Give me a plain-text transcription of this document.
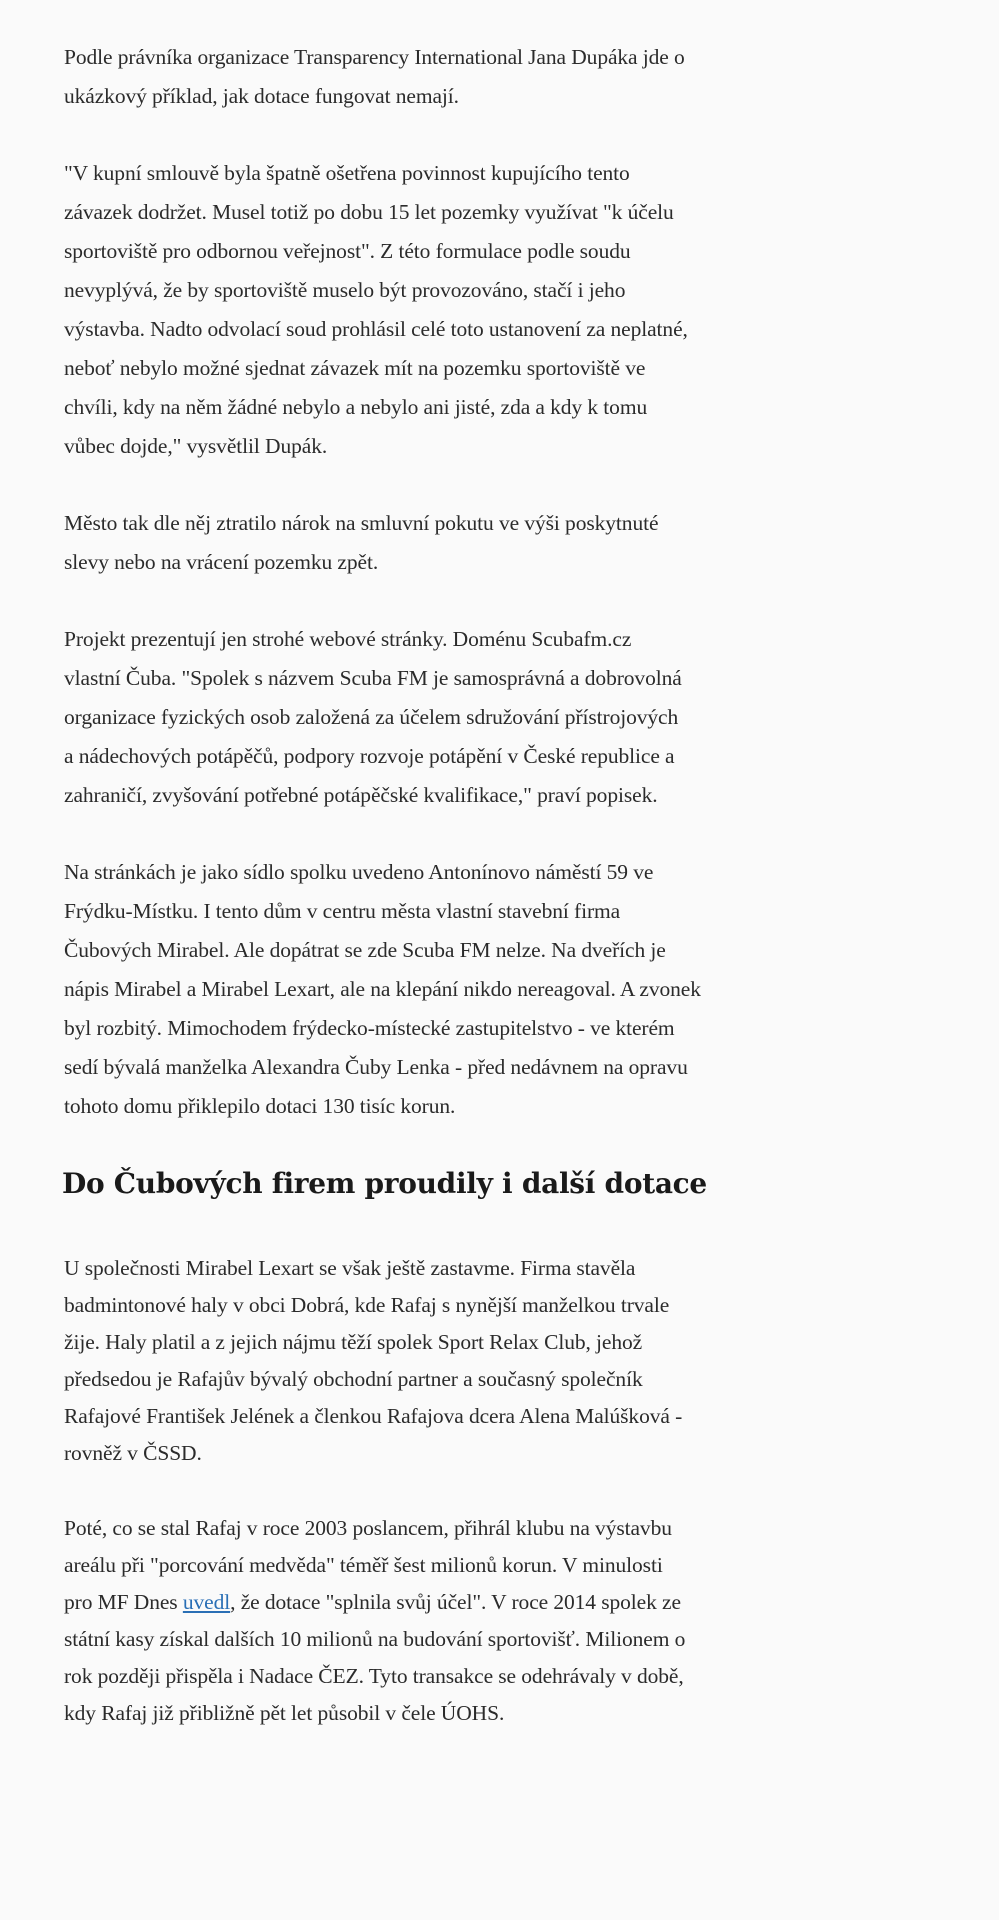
Podle právníka organizace Transparency International Jana Dupáka jde o
ukázkový příklad, jak dotace fungovat nemají.

"V kupní smlouvě byla špatně ošetřena povinnost kupujícího tento
závazek dodržet. Musel totiž po dobu 15 let pozemky využívat "k účelu
sportoviště pro odbornou veřejnost". Z této formulace podle soudu
nevyplývá, že by sportoviště muselo být provozováno, stačí i jeho
výstavba. Nadto odvolací soud prohlásil celé toto ustanovení za neplatné,
neboť nebylo možné sjednat závazek mít na pozemku sportoviště ve
chvíli, kdy na něm žádné nebylo a nebylo ani jisté, zda a kdy k tomu
vůbec dojde," vysvětlil Dupák.

Město tak dle něj ztratilo nárok na smluvní pokutu ve výši poskytnuté
slevy nebo na vrácení pozemku zpět.

Projekt prezentují jen strohé webové stránky. Doménu Scubafm.cz
vlastní Čuba. "Spolek s názvem Scuba FM je samosprávná a dobrovolná
organizace fyzických osob založená za účelem sdružování přístrojových
a nádechových potápěčů, podpory rozvoje potápění v České republice a
zahraničí, zvyšování potřebné potápěčské kvalifikace," praví popisek.

Na stránkách je jako sídlo spolku uvedeno Antonínovo náměstí 59 ve
Frýdku-Místku. I tento dům v centru města vlastní stavební firma
Čubových Mirabel. Ale dopátrat se zde Scuba FM nelze. Na dveřích je
nápis Mirabel a Mirabel Lexart, ale na klepání nikdo nereagoval. A zvonek
byl rozbitý. Mimochodem frýdecko-místecké zastupitelstvo - ve kterém
sedí bývalá manželka Alexandra Čuby Lenka - před nedávnem na opravu
tohoto domu přiklepilo dotaci 130 tisíc korun.

Do Čubových firem proudily i další dotace

U společnosti Mirabel Lexart se však ještě zastavme. Firma stavěla
badmintonové haly v obci Dobrá, kde Rafaj s nynější manželkou trvale
žije. Haly platil a z jejich nájmu těží spolek Sport Relax Club, jehož
předsedou je Rafajův bývalý obchodní partner a současný společník
Rafajové František Jelének a členkou Rafajova dcera Alena Malúšková -
rovněž v ČSSD.

Poté, co se stal Rafaj v roce 2003 poslancem, přihrál klubu na výstavbu
areálu při "porcování medvěda" téměř šest milionů korun. V minulosti
pro MF Dnes uvedl, že dotace "splnila svůj účel". V roce 2014 spolek ze
státní kasy získal dalších 10 milionů na budování sportovišť. Milionem o
rok později přispěla i Nadace ČEZ. Tyto transakce se odehrávaly v době,
kdy Rafaj již přibližně pět let působil v čele ÚOHS.
